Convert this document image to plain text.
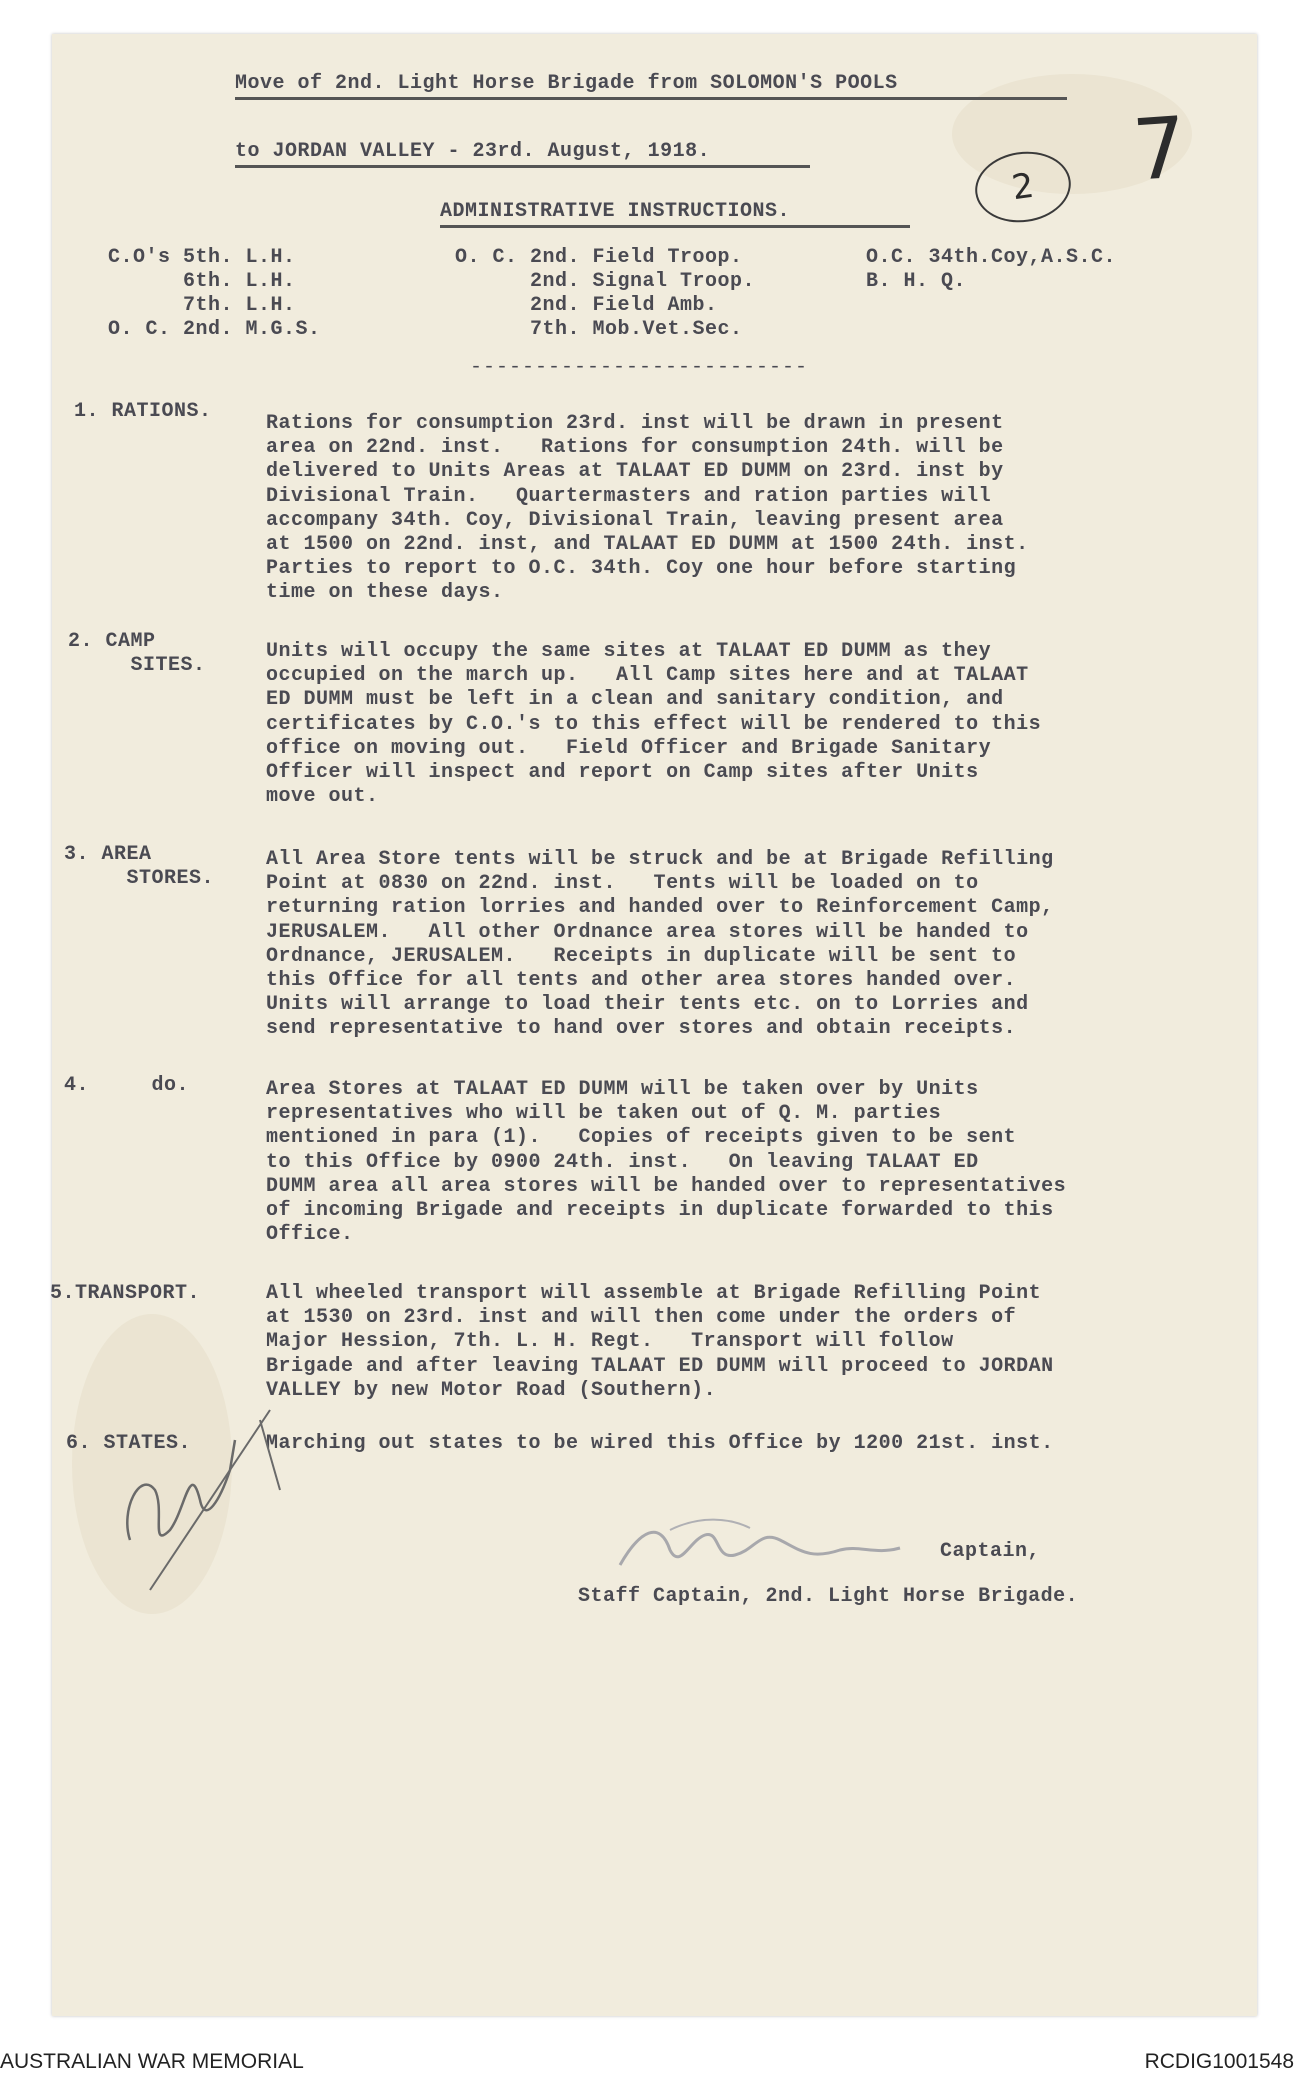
7
2
Move of 2nd. Light Horse Brigade from SOLOMON'S POOLS
to JORDAN VALLEY - 23rd. August, 1918.
ADMINISTRATIVE INSTRUCTIONS.
C.O's 5th. L.H.
6th. L.H.
7th. L.H.
O. C. 2nd. M.G.S.
O. C. 2nd. Field Troop.
2nd. Signal Troop.
2nd. Field Amb.
7th. Mob.Vet.Sec.
O.C. 34th.Coy,A.S.C.
B. H. Q.
--------------------------
1. RATIONS.
Rations for consumption 23rd. inst will be drawn in present
area on 22nd. inst.   Rations for consumption 24th. will be
delivered to Units Areas at TALAAT ED DUMM on 23rd. inst by
Divisional Train.   Quartermasters and ration parties will
accompany 34th. Coy, Divisional Train, leaving present area
at 1500 on 22nd. inst, and TALAAT ED DUMM at 1500 24th. inst.
Parties to report to O.C. 34th. Coy one hour before starting
time on these days.
2. CAMP
SITES.
Units will occupy the same sites at TALAAT ED DUMM as they
occupied on the march up.   All Camp sites here and at TALAAT
ED DUMM must be left in a clean and sanitary condition, and
certificates by C.O.'s to this effect will be rendered to this
office on moving out.   Field Officer and Brigade Sanitary
Officer will inspect and report on Camp sites after Units
move out.
3. AREA
STORES.
All Area Store tents will be struck and be at Brigade Refilling
Point at 0830 on 22nd. inst.   Tents will be loaded on to
returning ration lorries and handed over to Reinforcement Camp,
JERUSALEM.   All other Ordnance area stores will be handed to
Ordnance, JERUSALEM.   Receipts in duplicate will be sent to
this Office for all tents and other area stores handed over.
Units will arrange to load their tents etc. on to Lorries and
send representative to hand over stores and obtain receipts.
4.     do.	Area Stores at TALAAT ED DUMM will be taken over by Units
representatives who will be taken out of Q. M. parties
mentioned in para (1).   Copies of receipts given to be sent
to this Office by 0900 24th. inst.   On leaving TALAAT ED
DUMM area all area stores will be handed over to representatives
of incoming Brigade and receipts in duplicate forwarded to this
Office.
5.TRANSPORT.	All wheeled transport will assemble at Brigade Refilling Point
at 1530 on 23rd. inst and will then come under the orders of
Major Hession, 7th. L. H. Regt.   Transport will follow
Brigade and after leaving TALAAT ED DUMM will proceed to JORDAN
VALLEY by new Motor Road (Southern).
6. STATES.	Marching out states to be wired this Office by 1200 21st. inst.
Captain,
Staff Captain, 2nd. Light Horse Brigade.
AUSTRALIAN WAR MEMORIAL	RCDIG1001548
